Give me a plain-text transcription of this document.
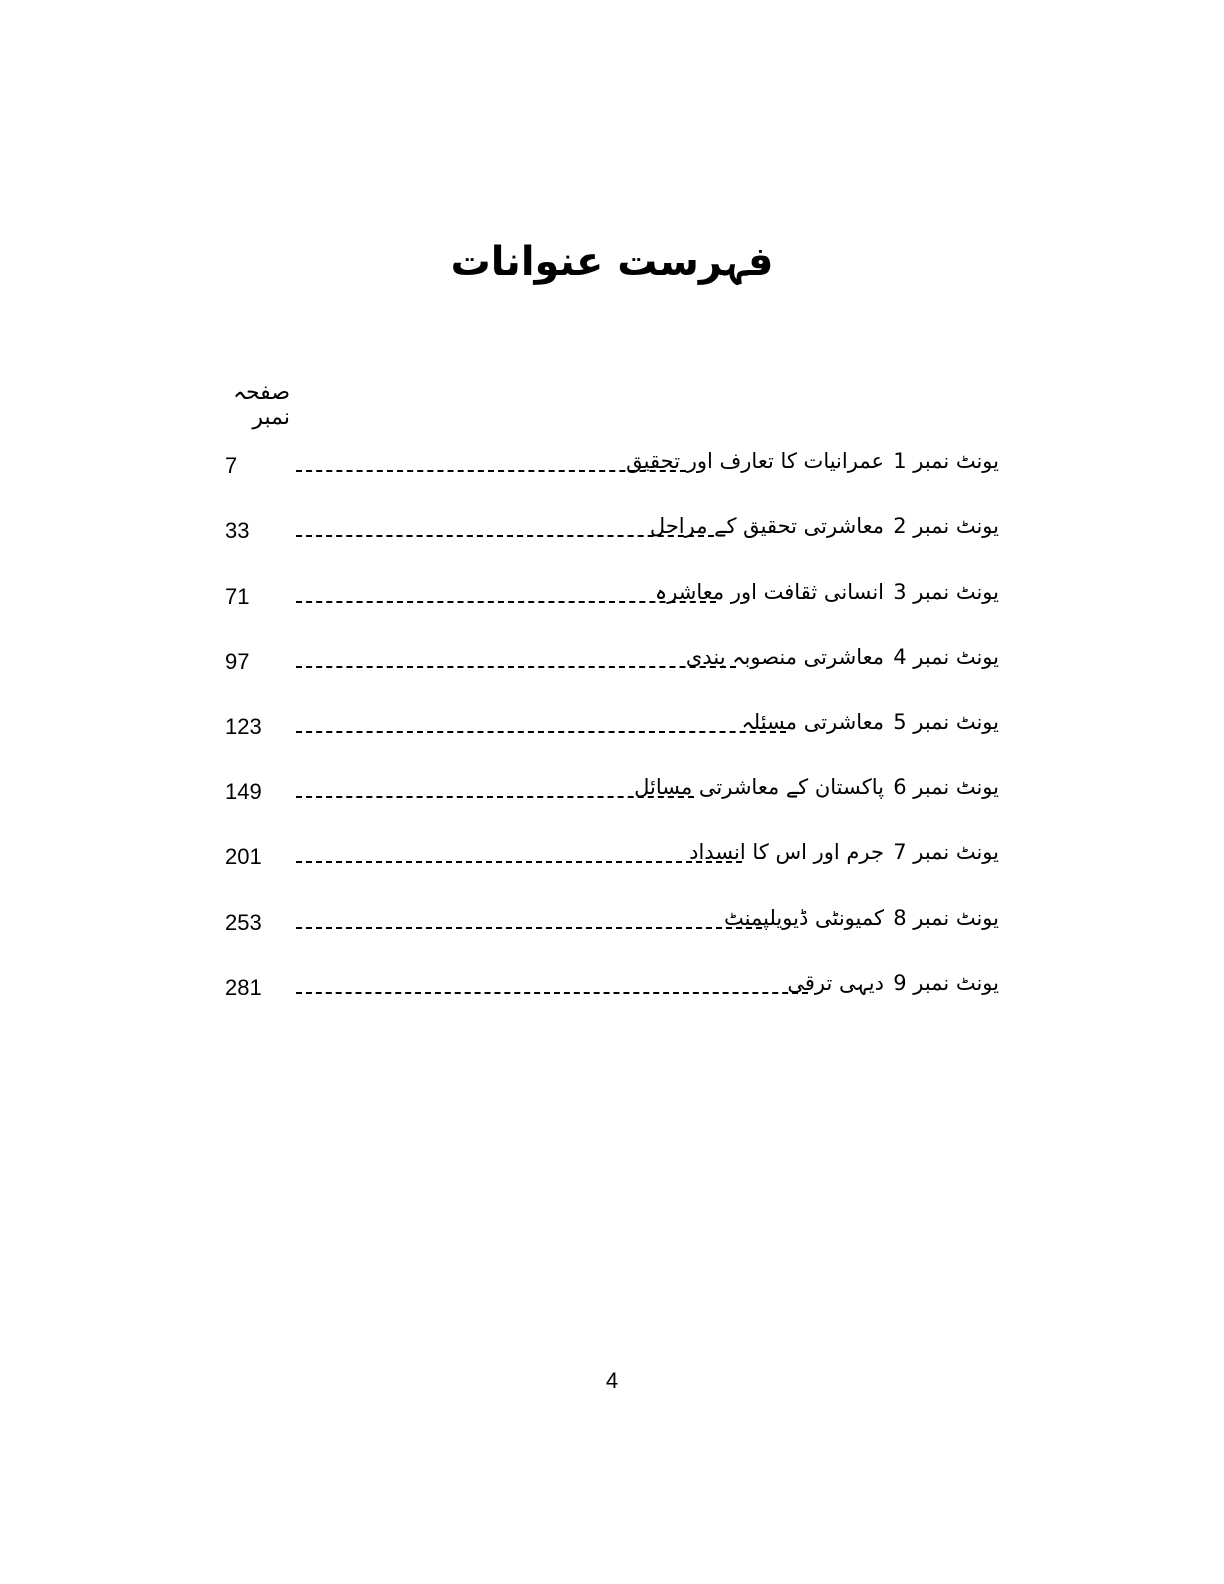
فہرست عنوانات
صفحہ نمبر
7	عمرانیات کا تعارف اور تحقیق یونٹ نمبر 1
33	معاشرتی تحقیق کے مراحل یونٹ نمبر 2
71	انسانی ثقافت اور معاشرہ یونٹ نمبر 3
97	معاشرتی منصوبہ بندی یونٹ نمبر 4
123	معاشرتی مسئلہ یونٹ نمبر 5
149	پاکستان کے معاشرتی مسائل یونٹ نمبر 6
201	جرم اور اس کا انسداد یونٹ نمبر 7
253	کمیونٹی ڈیویلپمنٹ یونٹ نمبر 8
281	دیہی ترقی یونٹ نمبر 9
4
